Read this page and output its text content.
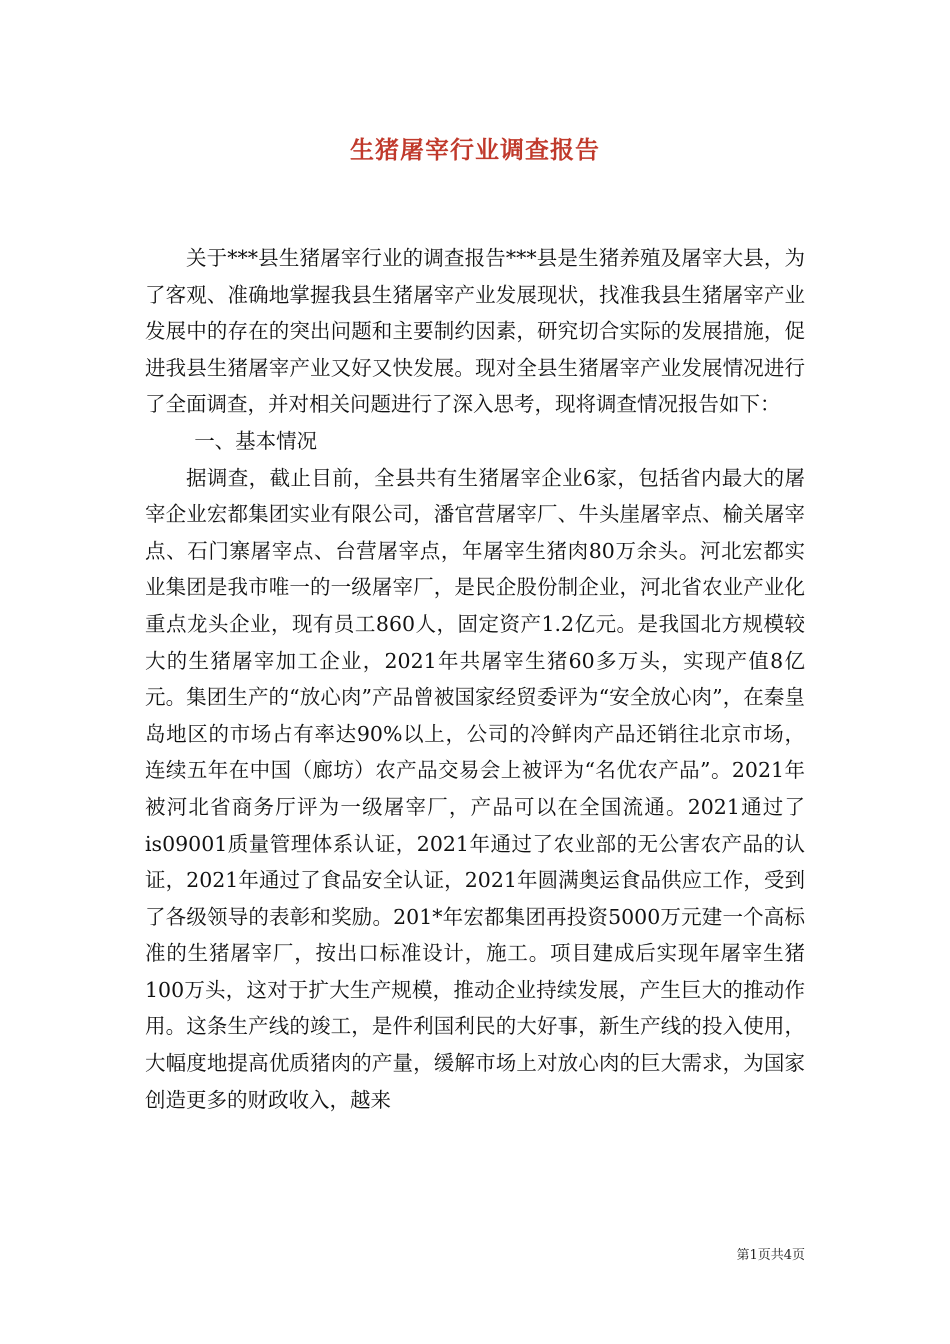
生猪屠宰行业调查报告

关于***县生猪屠宰行业的调查报告***县是生猪养殖及屠宰大县，为了客观、准确地掌握我县生猪屠宰产业发展现状，找准我县生猪屠宰产业发展中的存在的突出问题和主要制约因素，研究切合实际的发展措施，促进我县生猪屠宰产业又好又快发展。现对全县生猪屠宰产业发展情况进行了全面调查，并对相关问题进行了深入思考，现将调查情况报告如下：

一、基本情况

据调查，截止目前，全县共有生猪屠宰企业6家，包括省内最大的屠宰企业宏都集团实业有限公司，潘官营屠宰厂、牛头崖屠宰点、榆关屠宰点、石门寨屠宰点、台营屠宰点，年屠宰生猪肉80万余头。河北宏都实业集团是我市唯一的一级屠宰厂，是民企股份制企业，河北省农业产业化重点龙头企业，现有员工860人，固定资产1.2亿元。是我国北方规模较大的生猪屠宰加工企业，2021年共屠宰生猪60多万头，实现产值8亿元。集团生产的“放心肉”产品曾被国家经贸委评为“安全放心肉”，在秦皇岛地区的市场占有率达90%以上，公司的冷鲜肉产品还销往北京市场，连续五年在中国（廊坊）农产品交易会上被评为“名优农产品”。2021年被河北省商务厅评为一级屠宰厂，产品可以在全国流通。2021通过了is09001质量管理体系认证，2021年通过了农业部的无公害农产品的认证，2021年通过了食品安全认证，2021年圆满奥运食品供应工作，受到了各级领导的表彰和奖励。201*年宏都集团再投资5000万元建一个高标准的生猪屠宰厂，按出口标准设计，施工。项目建成后实现年屠宰生猪100万头，这对于扩大生产规模，推动企业持续发展，产生巨大的推动作用。这条生产线的竣工，是件利国利民的大好事，新生产线的投入使用，大幅度地提高优质猪肉的产量，缓解市场上对放心肉的巨大需求，为国家创造更多的财政收入，越来

第1页共4页
